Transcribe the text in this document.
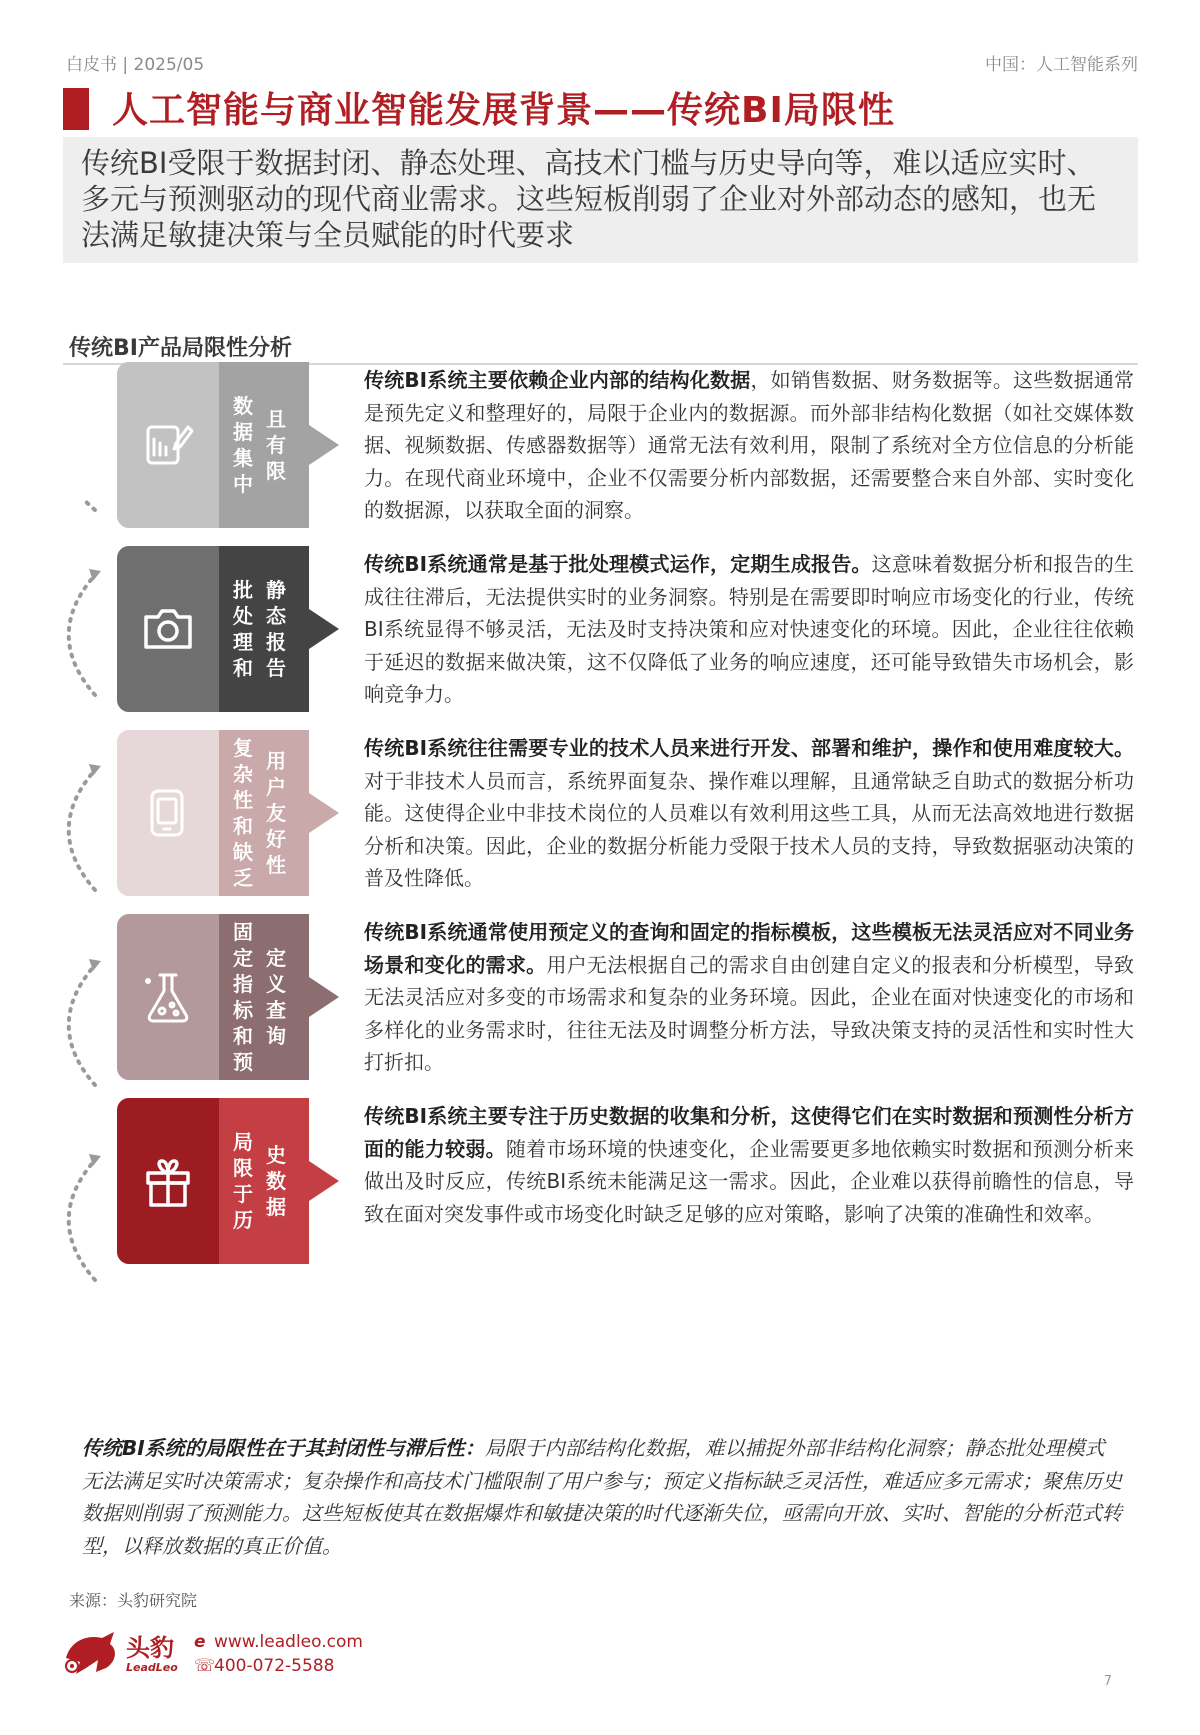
白皮书 | 2025/05	中国：人工智能系列
人工智能与商业智能发展背景——传统BI局限性
传统BI受限于数据封闭、静态处理、高技术门槛与历史导向等，难以适应实时、多元与预测驱动的现代商业需求。这些短板削弱了企业对外部动态的感知，也无法满足敏捷决策与全员赋能的时代要求
传统BI产品局限性分析
数据集中
且有限
传统BI系统主要依赖企业内部的结构化数据，如销售数据、财务数据等。这些数据通常是预先定义和整理好的，局限于企业内的数据源。而外部非结构化数据（如社交媒体数据、视频数据、传感器数据等）通常无法有效利用，限制了系统对全方位信息的分析能力。在现代商业环境中，企业不仅需要分析内部数据，还需要整合来自外部、实时变化的数据源，以获取全面的洞察。
批处理和
静态报告
传统BI系统通常是基于批处理模式运作，定期生成报告。这意味着数据分析和报告的生成往往滞后，无法提供实时的业务洞察。特别是在需要即时响应市场变化的行业，传统BI系统显得不够灵活，无法及时支持决策和应对快速变化的环境。因此，企业往往依赖于延迟的数据来做决策，这不仅降低了业务的响应速度，还可能导致错失市场机会，影响竞争力。
复杂性和缺乏
用户友好性
传统BI系统往往需要专业的技术人员来进行开发、部署和维护，操作和使用难度较大。对于非技术人员而言，系统界面复杂、操作难以理解，且通常缺乏自助式的数据分析功能。这使得企业中非技术岗位的人员难以有效利用这些工具，从而无法高效地进行数据分析和决策。因此，企业的数据分析能力受限于技术人员的支持，导致数据驱动决策的普及性降低。
固定指标和预
定义查询
传统BI系统通常使用预定义的查询和固定的指标模板，这些模板无法灵活应对不同业务场景和变化的需求。用户无法根据自己的需求自由创建自定义的报表和分析模型，导致无法灵活应对多变的市场需求和复杂的业务环境。因此，企业在面对快速变化的市场和多样化的业务需求时，往往无法及时调整分析方法，导致决策支持的灵活性和实时性大打折扣。
局限于历
史数据
传统BI系统主要专注于历史数据的收集和分析，这使得它们在实时数据和预测性分析方面的能力较弱。随着市场环境的快速变化，企业需要更多地依赖实时数据和预测分析来做出及时反应，传统BI系统未能满足这一需求。因此，企业难以获得前瞻性的信息，导致在面对突发事件或市场变化时缺乏足够的应对策略，影响了决策的准确性和效率。
传统BI系统的局限性在于其封闭性与滞后性：局限于内部结构化数据，难以捕捉外部非结构化洞察；静态批处理模式无法满足实时决策需求；复杂操作和高技术门槛限制了用户参与；预定义指标缺乏灵活性，难适应多元需求；聚焦历史数据则削弱了预测能力。这些短板使其在数据爆炸和敏捷决策的时代逐渐失位，亟需向开放、实时、智能的分析范式转型，以释放数据的真正价值。
来源：头豹研究院
头豹
LeadLeo
e www.leadleo.com
☏400-072-5588
7
